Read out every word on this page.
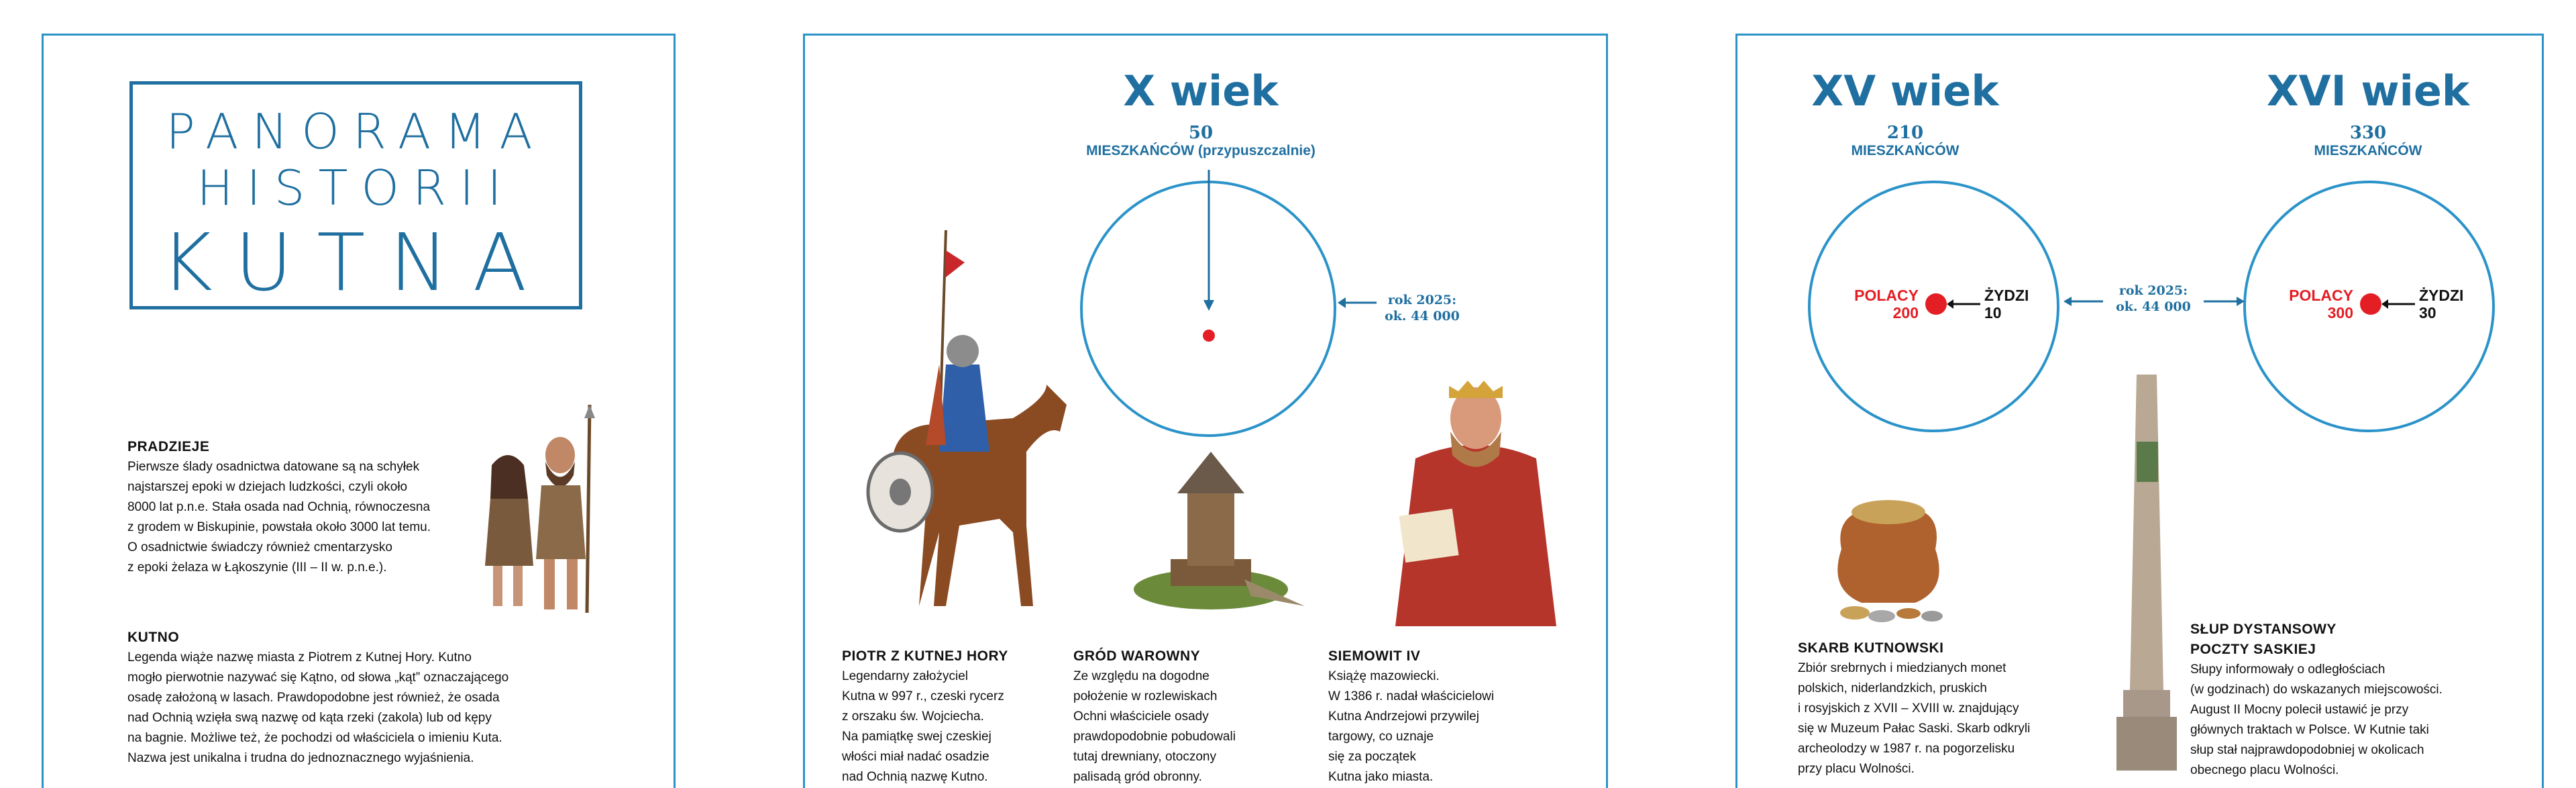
PANORAMA
HISTORII
KUTNA
PRADZIEJE

Pierwsze ślady osadnictwa datowane są na schyłek

najstarszej epoki w dziejach ludzkości, czyli około

8000 lat p.n.e. Stała osada nad Ochnią, równoczesna

z grodem w Biskupinie, powstała około 3000 lat temu.

O osadnictwie świadczy również cmentarzysko

z epoki żelaza w Łąkoszynie (III – II w. p.n.e.).

KUTNO

Legenda wiąże nazwę miasta z Piotrem z Kutnej Hory. Kutno

mogło pierwotnie nazywać się Kątno, od słowa „kąt” oznaczającego

osadę założoną w lasach. Prawdopodobne jest również, że osada

nad Ochnią wzięła swą nazwę od kąta rzeki (zakola) lub od kępy

na bagnie. Możliwe też, że pochodzi od właściciela o imieniu Kuta.

Nazwa jest unikalna i trudna do jednoznacznego wyjaśnienia.

X wiek
50
MIESZKAŃCÓW (przypuszczalnie)
rok 2025:
ok. 44 000
PIOTR Z KUTNEJ HORY

Legendarny założyciel

Kutna w 997 r., czeski rycerz

z orszaku św. Wojciecha.

Na pamiątkę swej czeskiej

włości miał nadać osadzie

nad Ochnią nazwę Kutno.

GRÓD WAROWNY

Ze względu na dogodne

położenie w rozlewiskach

Ochni właściciele osady

prawdopodobnie pobudowali

tutaj drewniany, otoczony

palisadą gród obronny.

SIEMOWIT IV

Książę mazowiecki.

W 1386 r. nadał właścicielowi

Kutna Andrzejowi przywilej

targowy, co uznaje

się za początek

Kutna jako miasta.

XV wiek
210
MIESZKAŃCÓW
POLACY
200
ŻYDZI
10
XVI wiek
330
MIESZKAŃCÓW
POLACY
300
ŻYDZI
30
rok 2025:
ok. 44 000
SKARB KUTNOWSKI

Zbiór srebrnych i miedzianych monet

polskich, niderlandzkich, pruskich

i rosyjskich z XVII – XVIII w. znajdujący

się w Muzeum Pałac Saski. Skarb odkryli

archeolodzy w 1987 r. na pogorzelisku

przy placu Wolności.

SŁUP DYSTANSOWY
POCZTY SASKIEJ

Słupy informowały o odległościach

(w godzinach) do wskazanych miejscowości.

August II Mocny polecił ustawić je przy

głównych traktach w Polsce. W Kutnie taki

słup stał najprawdopodobniej w okolicach

obecnego placu Wolności.
